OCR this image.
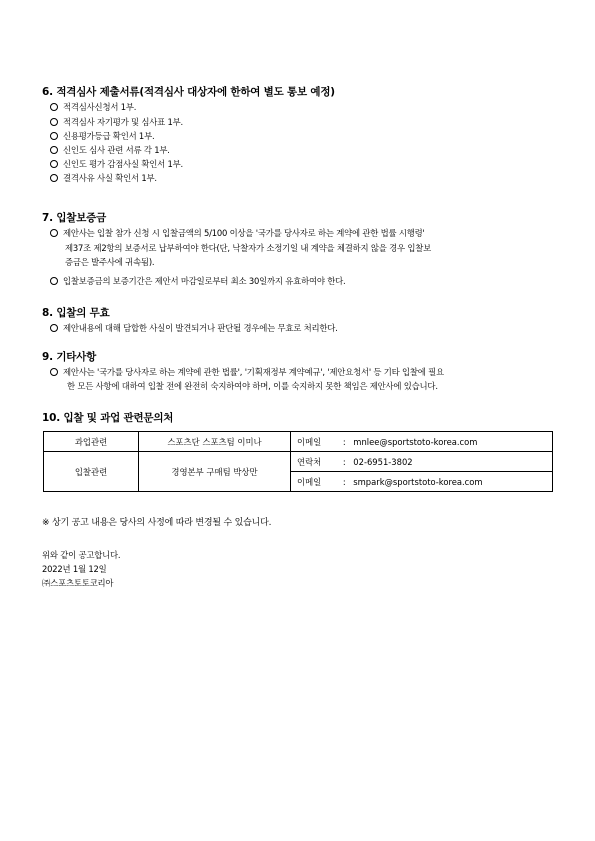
6. 적격심사 제출서류(적격심사 대상자에 한하여 별도 통보 예정)
적격심사신청서 1부.
적격심사 자기평가 및 심사표 1부.
신용평가등급 확인서 1부.
신인도 심사 관련 서류 각 1부.
신인도 평가 감점사실 확인서 1부.
결격사유 사실 확인서 1부.
7. 입찰보증금
제안사는 입찰 참가 신청 시 입찰금액의 5/100 이상을 '국가를 당사자로 하는 계약에 관한 법률 시행령'
제37조 제2항의 보증서로 납부하여야 한다(단, 낙찰자가 소정기일 내 계약을 체결하지 않을 경우 입찰보
증금은 발주사에 귀속됨).
입찰보증금의 보증기간은 제안서 마감일로부터 최소 30일까지 유효하여야 한다.
8. 입찰의 무효
제안내용에 대해 담합한 사실이 발견되거나 판단될 경우에는 무효로 처리한다.
9. 기타사항
제안사는 '국가를 당사자로 하는 계약에 관한 법률', '기획재정부 계약예규', '제안요청서' 등 기타 입찰에 필요
한 모든 사항에 대하여 입찰 전에 완전히 숙지하여야 하며, 이를 숙지하지 못한 책임은 제안사에 있습니다.
10. 입찰 및 과업 관련문의처
과업관련	스포츠단 스포츠팀 이미나	이메일 : mnlee@sportstoto-korea.com
입찰관련	경영본부 구매팀 박상만	연락처 : 02-6951-3802
		이메일 : smpark@sportstoto-korea.com
※ 상기 공고 내용은 당사의 사정에 따라 변경될 수 있습니다.
위와 같이 공고합니다.
2022년 1월 12일
㈜스포츠토토코리아
